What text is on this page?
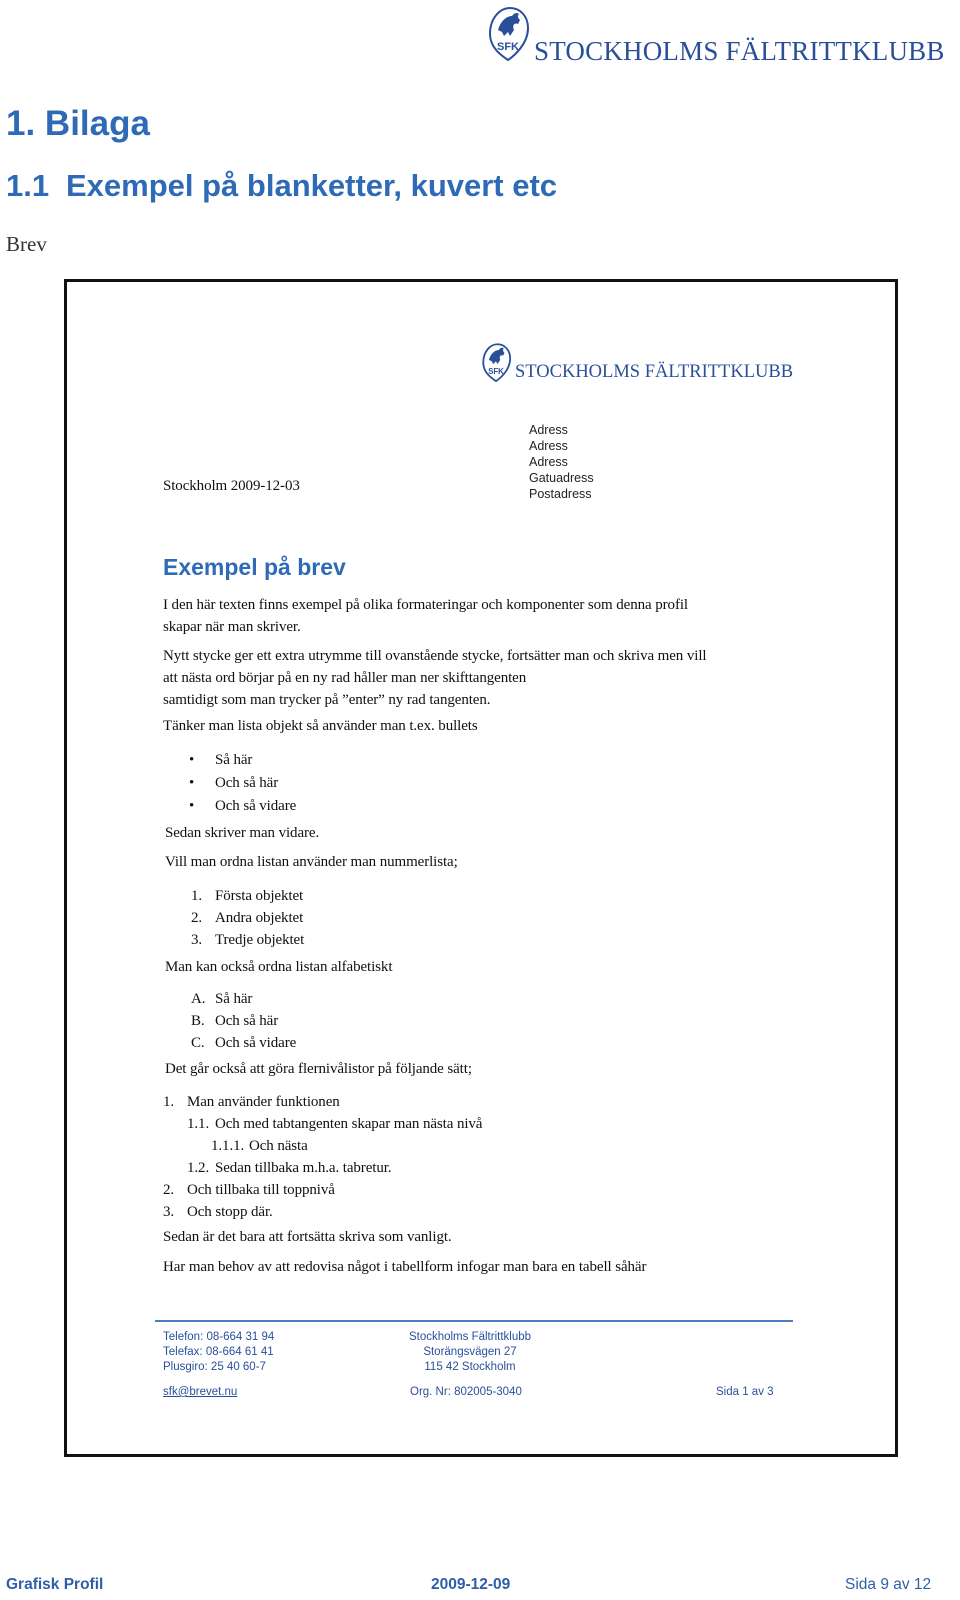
SFK STOCKHOLMS FÄLTRITTKLUBB
1. Bilaga
1.1 Exempel på blanketter, kuvert etc
Brev
SFK STOCKHOLMS FÄLTRITTKLUBB
Adress
Adress
Adress
Gatuadress
Postadress
Stockholm 2009-12-03
Exempel på brev
I den här texten finns exempel på olika formateringar och komponenter som denna profil
skapar när man skriver.
Nytt stycke ger ett extra utrymme till ovanstående stycke, fortsätter man och skriva men vill
att nästa ord börjar på en ny rad håller man ner skifttangenten
samtidigt som man trycker på ”enter” ny rad tangenten.
Tänker man lista objekt så använder man t.ex. bullets
• Så här
• Och så här
• Och så vidare
Sedan skriver man vidare.
Vill man ordna listan använder man nummerlista;
1. Första objektet
2. Andra objektet
3. Tredje objektet
Man kan också ordna listan alfabetiskt
A. Så här
B. Och så här
C. Och så vidare
Det går också att göra flernivålistor på följande sätt;
1. Man använder funktionen
1.1. Och med tabtangenten skapar man nästa nivå
1.1.1. Och nästa
1.2. Sedan tillbaka m.h.a. tabretur.
2. Och tillbaka till toppnivå
3. Och stopp där.
Sedan är det bara att fortsätta skriva som vanligt.
Har man behov av att redovisa något i tabellform infogar man bara en tabell såhär
Telefon: 08-664 31 94
Telefax: 08-664 61 41
Plusgiro: 25 40 60-7
sfk@brevet.nu
Stockholms Fältrittklubb
Storängsvägen 27
115 42 Stockholm
Org. Nr: 802005-3040	Sida 1 av 3
Grafisk Profil	2009-12-09	Sida 9 av 12
